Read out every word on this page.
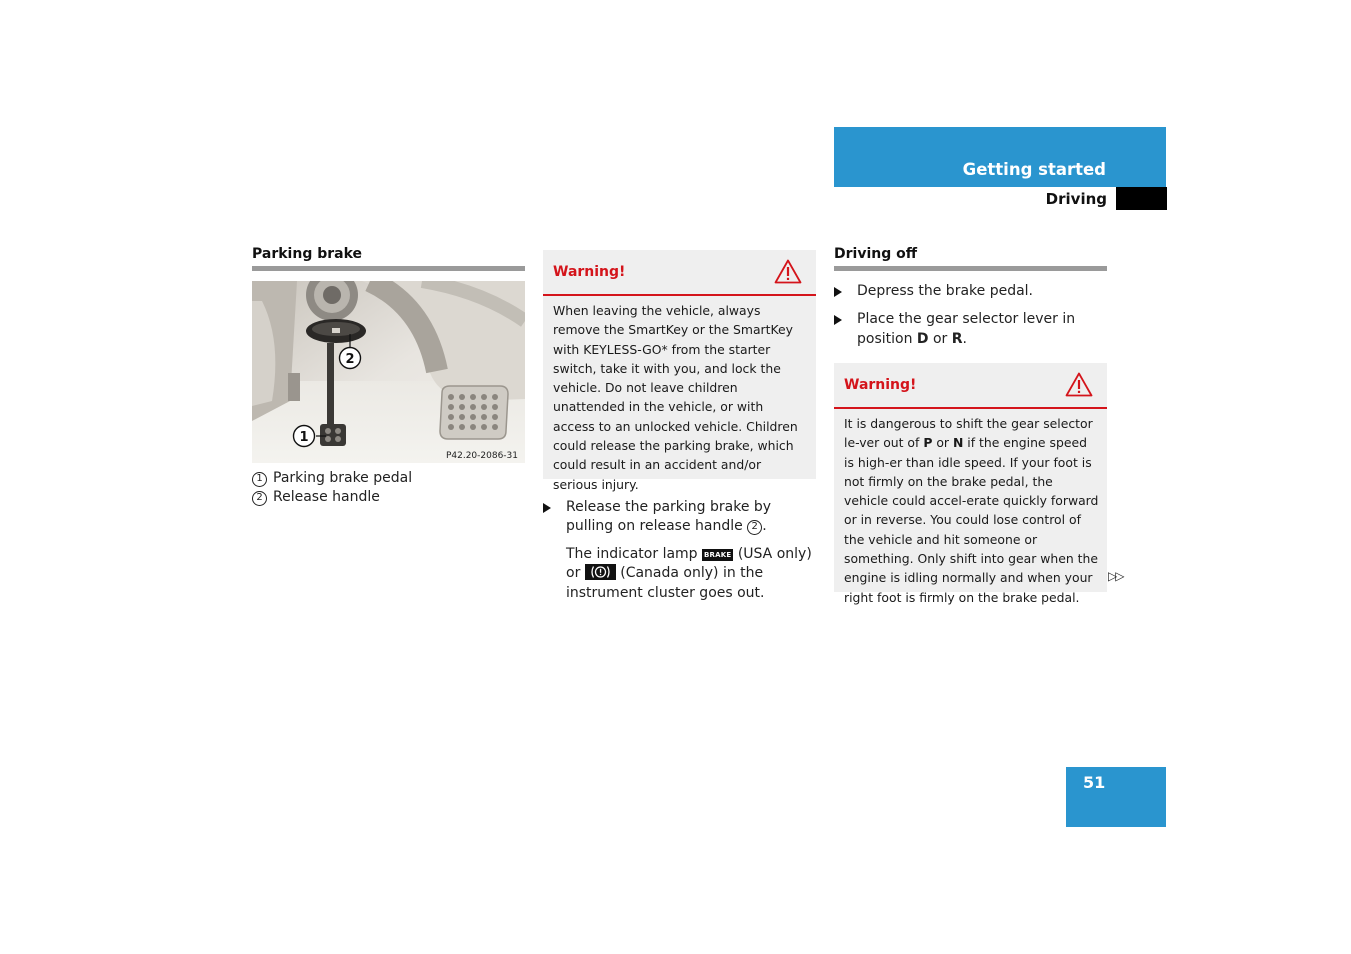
Getting started
Driving
Parking brake
2
1
P42.20-2086-31
1 Parking brake pedal
2 Release handle
Warning!
When leaving the vehicle, always remove the SmartKey or the SmartKey with KEYLESS-GO* from the starter switch, take it with you, and lock the vehicle. Do not leave children unattended in the vehicle, or with access to an unlocked vehicle. Children could release the parking brake, which could result in an accident and/or serious injury.
Release the parking brake by pulling on release handle 2 .
The indicator lamp BRAKE (USA only) or  (Canada only) in the instrument cluster goes out.
Driving off
Depress the brake pedal.
Place the gear selector lever in position D or R.
Warning!
It is dangerous to shift the gear selector le-ver out of P or N if the engine speed is high-er than idle speed. If your foot is not firmly on the brake pedal, the vehicle could accel-erate quickly forward or in reverse. You could lose control of the vehicle and hit someone or something. Only shift into gear when the engine is idling normally and when your right foot is firmly on the brake pedal.
▷▷
51
